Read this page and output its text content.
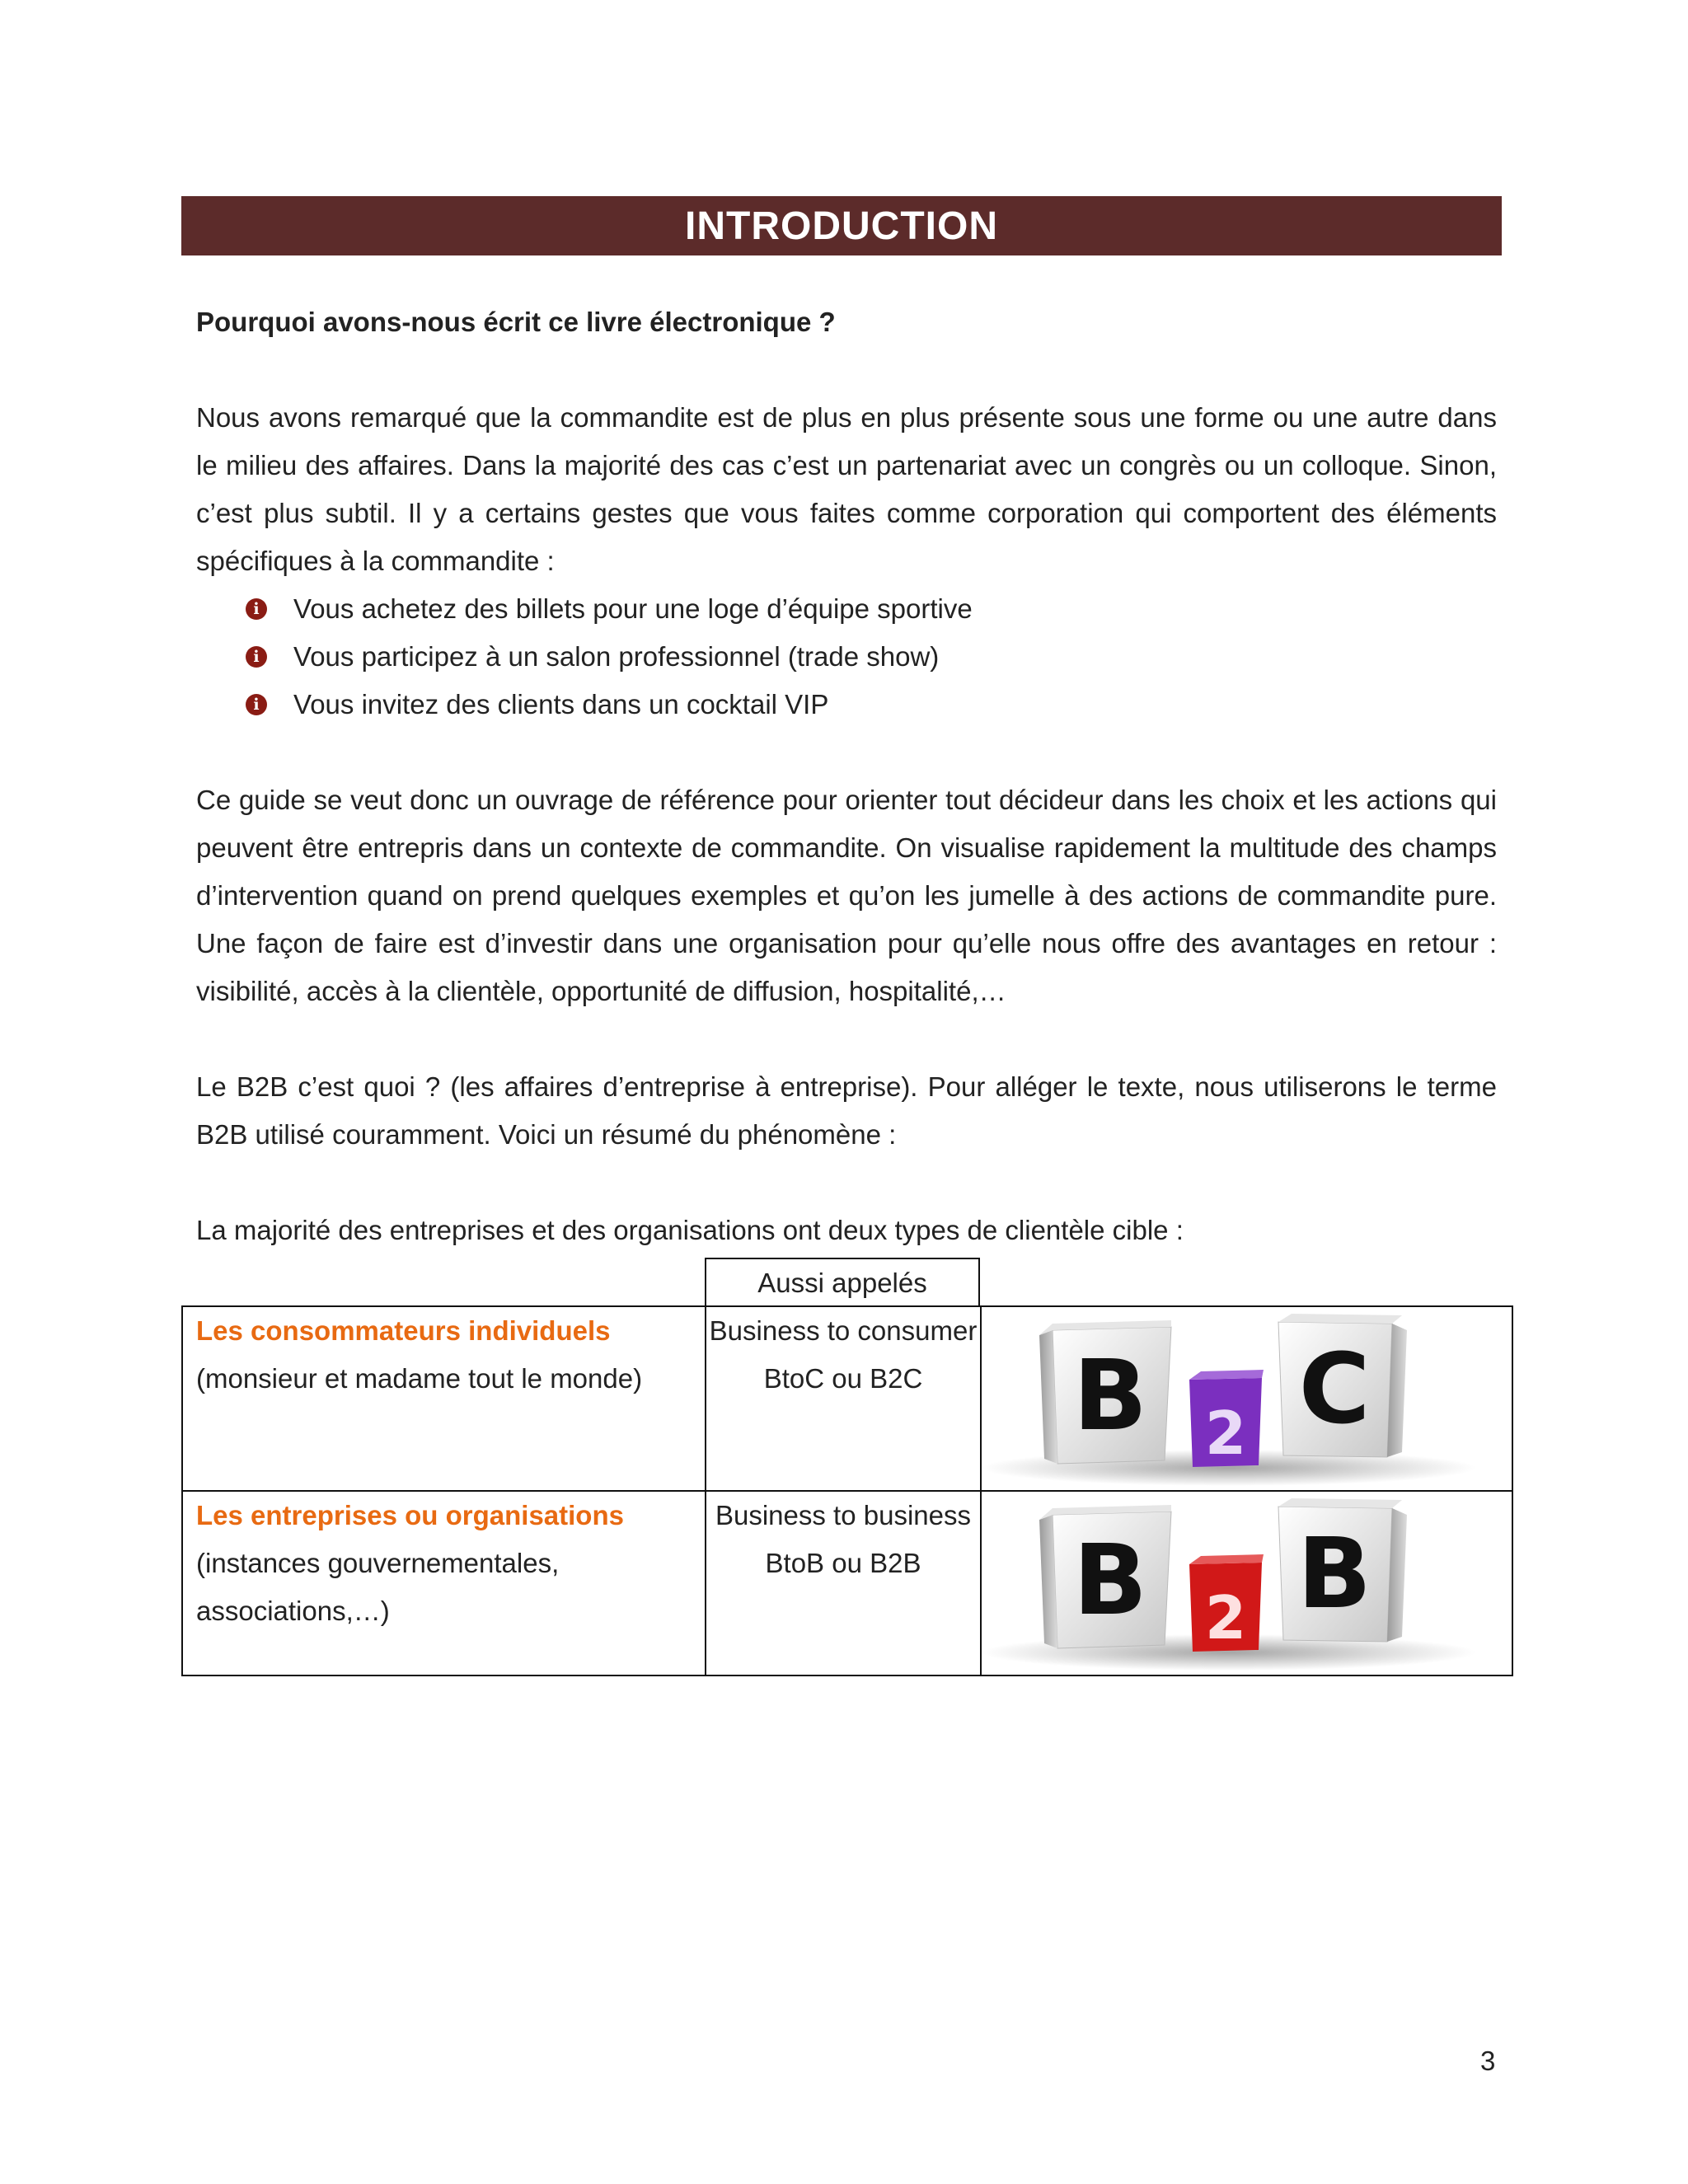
INTRODUCTION
Pourquoi avons-nous écrit ce livre électronique ?

Nous avons remarqué que la commandite est de plus en plus présente sous une forme ou une autre dans le milieu des affaires. Dans la majorité des cas c’est un partenariat avec un congrès ou un colloque. Sinon, c’est plus subtil. Il y a certains gestes que vous faites comme corporation qui comportent des éléments spécifiques à la commandite :

i Vous achetez des billets pour une loge d’équipe sportive
i Vous participez à un salon professionnel (trade show)
i Vous invitez des clients dans un cocktail VIP

Ce guide se veut donc un ouvrage de référence pour orienter tout décideur dans les choix et les actions qui peuvent être entrepris dans un contexte de commandite. On visualise rapidement la multitude des champs d’intervention quand on prend quelques exemples et qu’on les jumelle à des actions de commandite pure. Une façon de faire est d’investir dans une organisation pour qu’elle nous offre des avantages en retour : visibilité, accès à la clientèle, opportunité de diffusion, hospitalité,…

Le B2B c’est quoi ? (les affaires d’entreprise à entreprise). Pour alléger le texte, nous utiliserons le terme B2B utilisé couramment. Voici un résumé du phénomène :

La majorité des entreprises et des organisations ont deux types de clientèle cible :

Aussi appelés
Les consommateurs individuels
(monsieur et madame tout le monde)
Business to consumer
BtoC ou B2C	B 2 C
Les entreprises ou organisations
(instances gouvernementales, associations,…)
Business to business
BtoB ou B2B	B 2 B
3
